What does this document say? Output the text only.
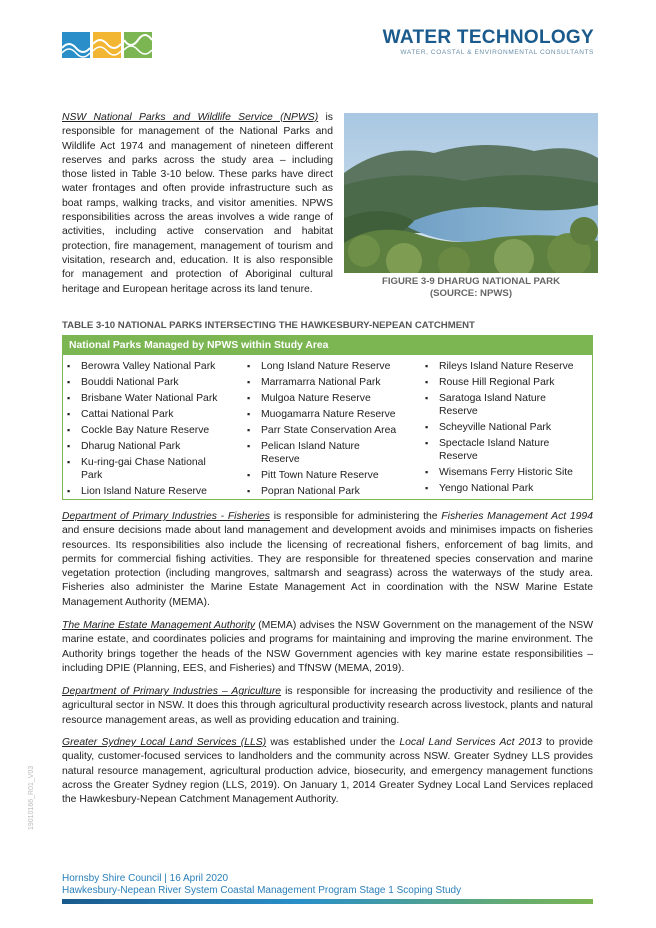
WATER TECHNOLOGY
WATER, COASTAL & ENVIRONMENTAL CONSULTANTS

NSW National Parks and Wildlife Service (NPWS) is responsible for management of the National Parks and Wildlife Act 1974 and management of nineteen different reserves and parks across the study area – including those listed in Table 3-10 below. These parks have direct water frontages and often provide infrastructure such as boat ramps, walking tracks, and visitor amenities. NPWS responsibilities across the areas involves a wide range of activities, including active conservation and habitat protection, fire management, management of tourism and visitation, research and, education. It is also responsible for management and protection of Aboriginal cultural heritage and European heritage across its land tenure.

FIGURE 3-9 DHARUG NATIONAL PARK
(SOURCE: NPWS)
TABLE 3-10 NATIONAL PARKS INTERSECTING THE HAWKESBURY-NEPEAN CATCHMENT
National Parks Managed by NPWS within Study Area
▪ Berowra Valley National Park
▪ Bouddi National Park
▪ Brisbane Water National Park
▪ Cattai National Park
▪ Cockle Bay Nature Reserve
▪ Dharug National Park
▪ Ku-ring-gai Chase National Park
▪ Lion Island Nature Reserve
▪ Long Island Nature Reserve
▪ Marramarra National Park
▪ Mulgoa Nature Reserve
▪ Muogamarra Nature Reserve
▪ Parr State Conservation Area
▪ Pelican Island Nature Reserve
▪ Pitt Town Nature Reserve
▪ Popran National Park
▪ Rileys Island Nature Reserve
▪ Rouse Hill Regional Park
▪ Saratoga Island Nature Reserve
▪ Scheyville National Park
▪ Spectacle Island Nature Reserve
▪ Wisemans Ferry Historic Site
▪ Yengo National Park

Department of Primary Industries - Fisheries is responsible for administering the Fisheries Management Act 1994 and ensure decisions made about land management and development avoids and minimises impacts on fisheries resources. Its responsibilities also include the licensing of recreational fishers, enforcement of bag limits, and permits for commercial fishing activities. They are responsible for threatened species conservation and marine vegetation protection (including mangroves, saltmarsh and seagrass) across the waterways of the study area. Fisheries also administer the Marine Estate Management Act in coordination with the NSW Marine Estate Management Authority (MEMA).

The Marine Estate Management Authority (MEMA) advises the NSW Government on the management of the NSW marine estate, and coordinates policies and programs for maintaining and improving the marine environment. The Authority brings together the heads of the NSW Government agencies with key marine estate responsibilities – including DPIE (Planning, EES, and Fisheries) and TfNSW (MEMA, 2019).

Department of Primary Industries – Agriculture is responsible for increasing the productivity and resilience of the agricultural sector in NSW. It does this through agricultural productivity research across livestock, plants and natural resource management areas, as well as providing education and training.

Greater Sydney Local Land Services (LLS) was established under the Local Land Services Act 2013 to provide quality, customer-focused services to landholders and the community across NSW. Greater Sydney LLS provides natural resource management, agricultural production advice, biosecurity, and emergency management functions across the Greater Sydney region (LLS, 2019). On January 1, 2014 Greater Sydney Local Land Services replaced the Hawkesbury-Nepean Catchment Management Authority.

19010166_R01_V03
Hornsby Shire Council | 16 April 2020
Hawkesbury-Nepean River System Coastal Management Program Stage 1 Scoping Study
